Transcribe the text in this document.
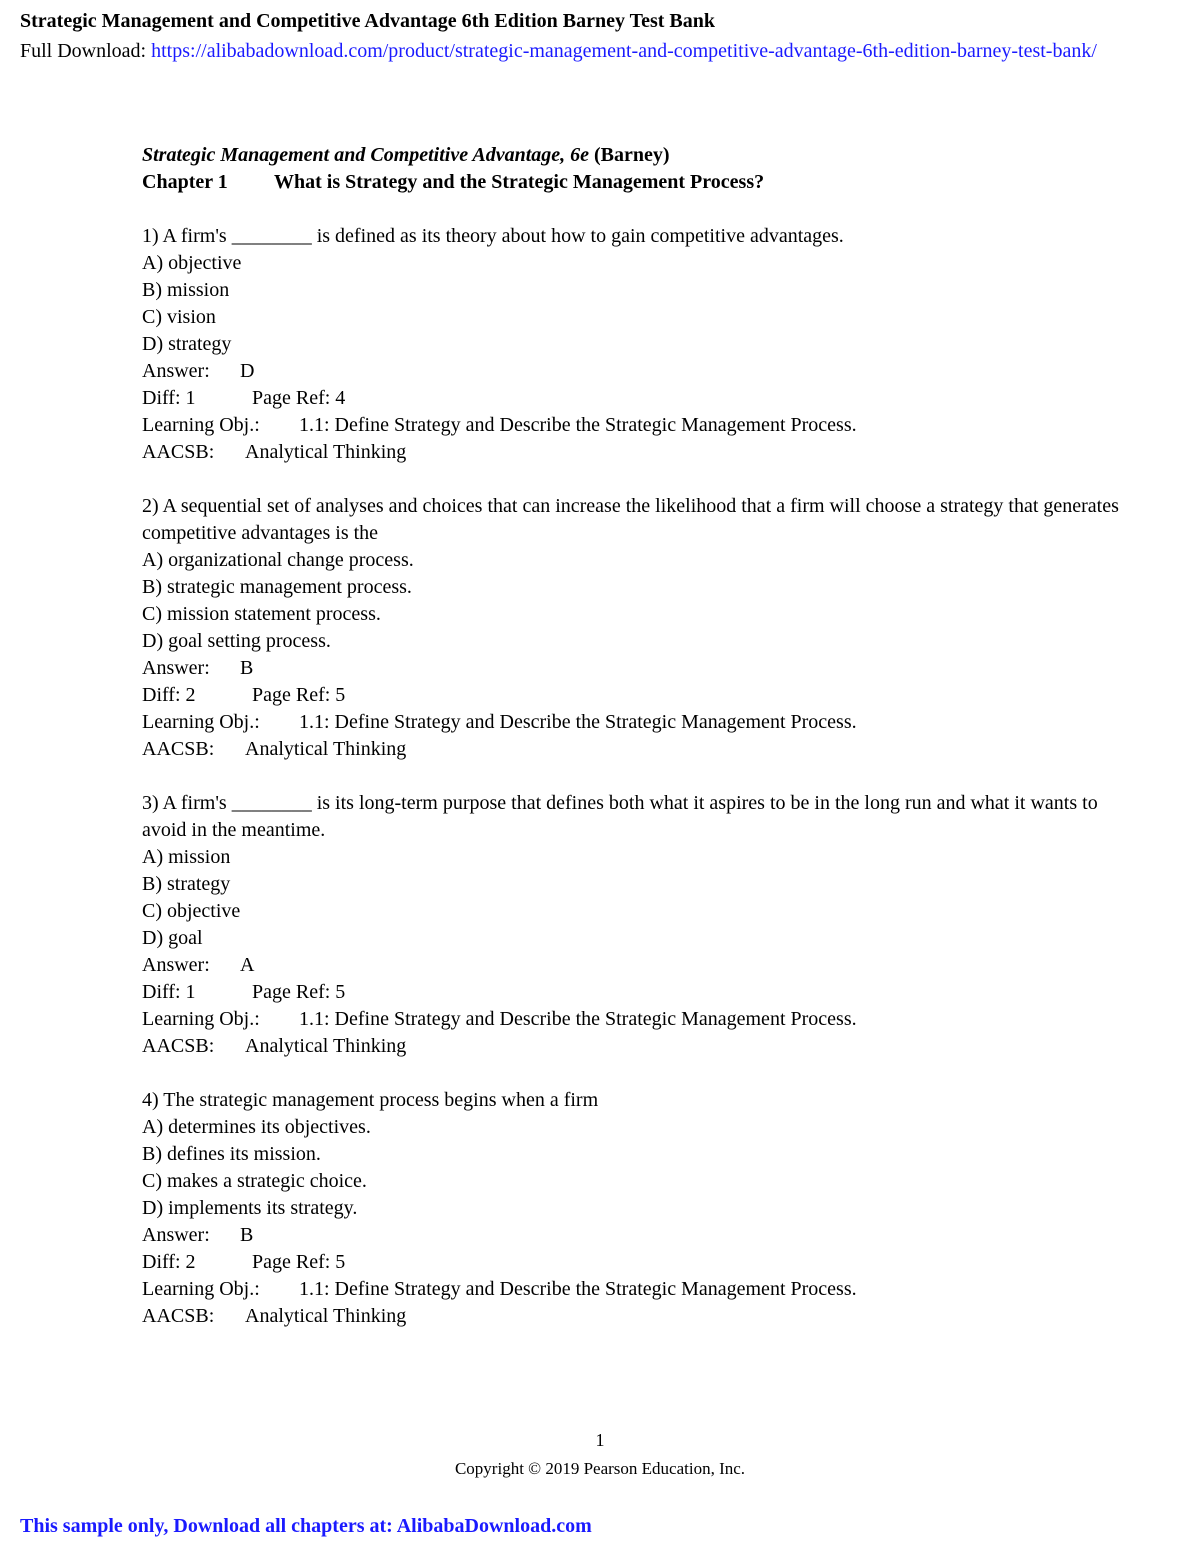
Strategic Management and Competitive Advantage 6th Edition Barney Test Bank
Full Download: https://alibabadownload.com/product/strategic-management-and-competitive-advantage-6th-edition-barney-test-bank/
Strategic Management and Competitive Advantage, 6e (Barney)
Chapter 1 What is Strategy and the Strategic Management Process?
1) A firm's ________ is defined as its theory about how to gain competitive advantages.
A) objective
B) mission
C) vision
D) strategy
Answer: D
Diff: 1	Page Ref: 4
Learning Obj.: 1.1: Define Strategy and Describe the Strategic Management Process.
AACSB: Analytical Thinking
2) A sequential set of analyses and choices that can increase the likelihood that a firm will choose a strategy that generates competitive advantages is the
A) organizational change process.
B) strategic management process.
C) mission statement process.
D) goal setting process.
Answer: B
Diff: 2	Page Ref: 5
Learning Obj.: 1.1: Define Strategy and Describe the Strategic Management Process.
AACSB: Analytical Thinking
3) A firm's ________ is its long-term purpose that defines both what it aspires to be in the long run and what it wants to avoid in the meantime.
A) mission
B) strategy
C) objective
D) goal
Answer: A
Diff: 1	Page Ref: 5
Learning Obj.: 1.1: Define Strategy and Describe the Strategic Management Process.
AACSB: Analytical Thinking
4) The strategic management process begins when a firm
A) determines its objectives.
B) defines its mission.
C) makes a strategic choice.
D) implements its strategy.
Answer: B
Diff: 2	Page Ref: 5
Learning Obj.: 1.1: Define Strategy and Describe the Strategic Management Process.
AACSB: Analytical Thinking
1
Copyright © 2019 Pearson Education, Inc.
This sample only, Download all chapters at: AlibabaDownload.com
